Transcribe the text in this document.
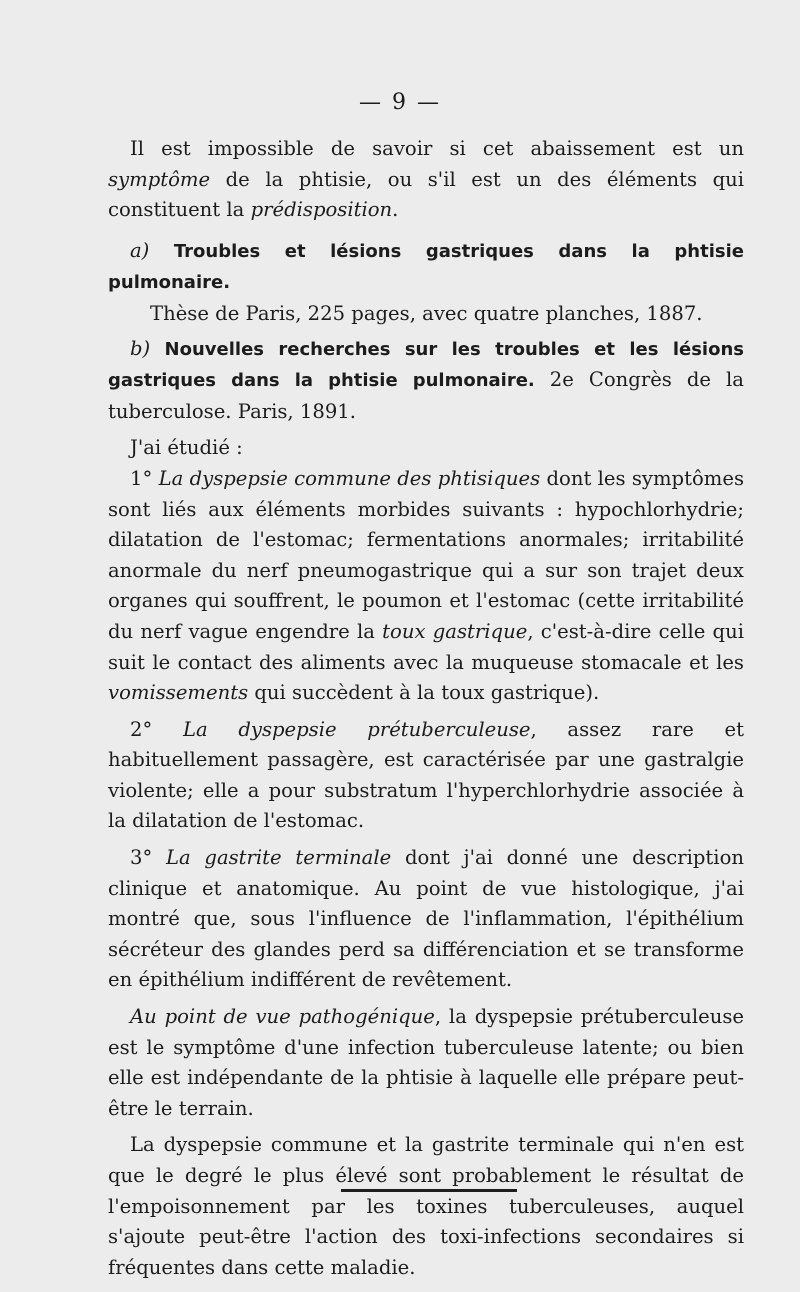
— 9 —

Il est impossible de savoir si cet abaissement est un symptôme de la phtisie, ou s'il est un des éléments qui constituent la prédisposition.

a) Troubles et lésions gastriques dans la phtisie pulmonaire.
Thèse de Paris, 225 pages, avec quatre planches, 1887.

b) Nouvelles recherches sur les troubles et les lésions gastriques dans la phtisie pulmonaire. 2e Congrès de la tuberculose. Paris, 1891.

J'ai étudié :

1° La dyspepsie commune des phtisiques dont les symptômes sont liés aux éléments morbides suivants : hypochlorhydrie; dilatation de l'estomac; fermentations anormales; irritabilité anormale du nerf pneumogastrique qui a sur son trajet deux organes qui souffrent, le poumon et l'estomac (cette irritabilité du nerf vague engendre la toux gastrique, c'est-à-dire celle qui suit le contact des aliments avec la muqueuse stomacale et les vomissements qui succèdent à la toux gastrique).

2° La dyspepsie prétuberculeuse, assez rare et habituellement passagère, est caractérisée par une gastralgie violente; elle a pour substratum l'hyperchlorhydrie associée à la dilatation de l'estomac.

3° La gastrite terminale dont j'ai donné une description clinique et anatomique. Au point de vue histologique, j'ai montré que, sous l'influence de l'inflammation, l'épithélium sécréteur des glandes perd sa différenciation et se transforme en épithélium indifférent de revêtement.

Au point de vue pathogénique, la dyspepsie prétuberculeuse est le symptôme d'une infection tuberculeuse latente; ou bien elle est indépendante de la phtisie à laquelle elle prépare peut-être le terrain.

La dyspepsie commune et la gastrite terminale qui n'en est que le degré le plus élevé sont probablement le résultat de l'empoisonnement par les toxines tuberculeuses, auquel s'ajoute peut-être l'action des toxi-infections secondaires si fréquentes dans cette maladie.
